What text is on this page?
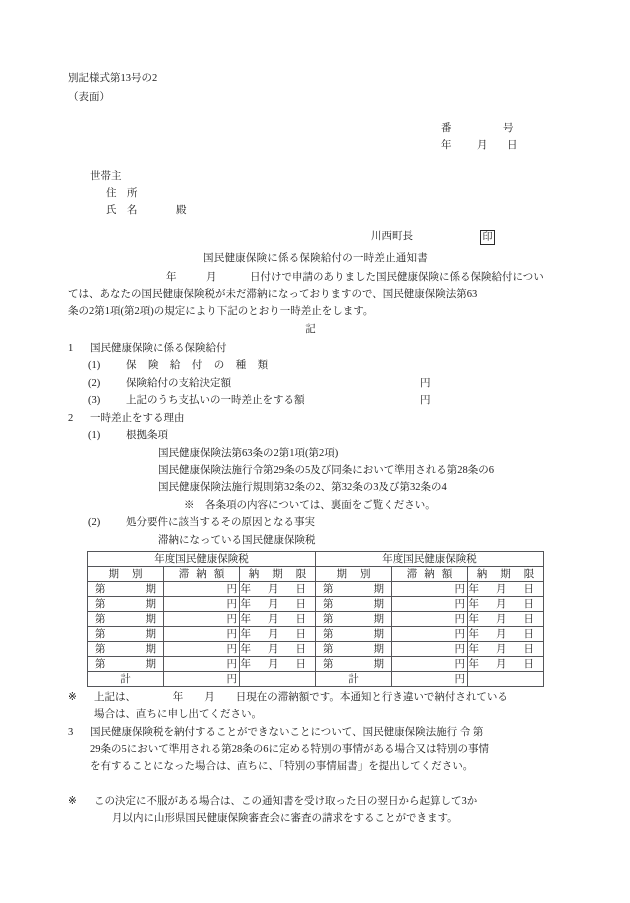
別記様式第13号の2
（表面）
番	号
年	月	日
世帯主
住　所
氏　名	殿
川西町長	印
国民健康保険に係る保険給付の一時差止通知書
年	月	日付けで申請のありました国民健康保険に係る保険給付につい
ては、あなたの国民健康保険税が未だ滞納になっておりますので、国民健康保険法第63
条の2第1項(第2項)の規定により下記のとおり一時差止をします。
記
1	国民健康保険に係る保険給付
(1)	保 険 給 付 の 種 類
(2)	保険給付の支給決定額	円
(3)	上記のうち支払いの一時差止をする額	円
2	一時差止をする理由
(1)	根拠条項
国民健康保険法第63条の2第1項(第2項)
国民健康保険法施行令第29条の5及び同条において準用される第28条の6
国民健康保険法施行規則第32条の2、第32条の3及び第32条の4
※　各条項の内容については、裏面をご覧ください。
(2)	処分要件に該当するその原因となる事実
滞納になっている国民健康保険税
年度国民健康保険税			年度国民健康保険税		

期 別	滞 納 額	納 期 限	期 別	滞 納 額	納 期 限

第 期	円	年 月 日	第 期	円	年 月 日

第 期	円	年 月 日	第 期	円	年 月 日

第 期	円	年 月 日	第 期	円	年 月 日

第 期	円	年 月 日	第 期	円	年 月 日

第 期	円	年 月 日	第 期	円	年 月 日

第 期	円	年 月 日	第 期	円	年 月 日

計	円		計	円	
※	上記は、　　　　年　　月　　日現在の滞納額です。本通知と行き違いで納付されている
場合は、直ちに申し出てください。
3	国民健康保険税を納付することができないことについて、国民健康保険法施行 令 第
29条の5において準用される第28条の6に定める特別の事情がある場合又は特別の事情
を有することになった場合は、直ちに、「特別の事情届書」を提出してください。
※	この決定に不服がある場合は、この通知書を受け取った日の翌日から起算して3か
月以内に山形県国民健康保険審査会に審査の請求をすることができます。
